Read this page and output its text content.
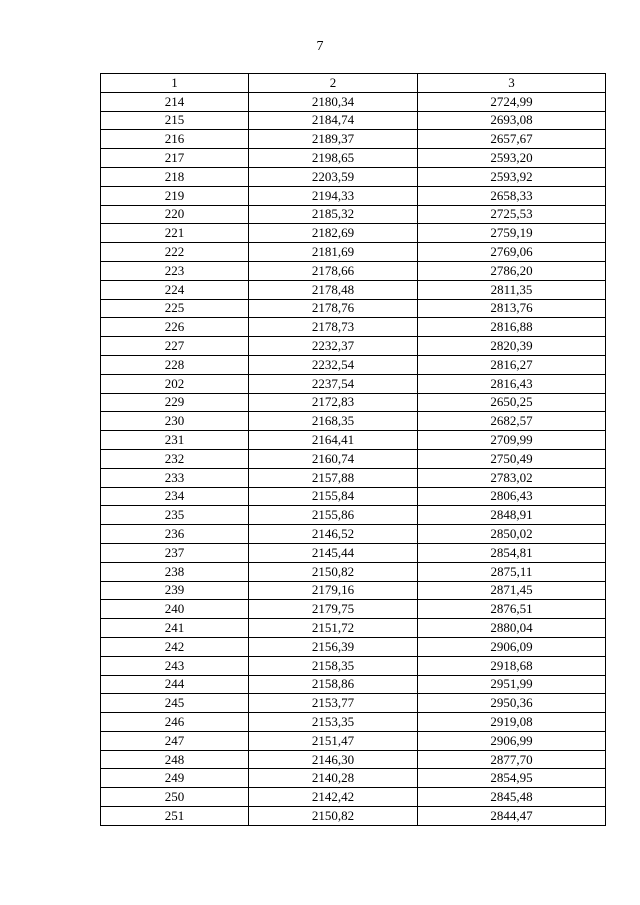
7
1	2	3
214	2180,34	2724,99
215	2184,74	2693,08
216	2189,37	2657,67
217	2198,65	2593,20
218	2203,59	2593,92
219	2194,33	2658,33
220	2185,32	2725,53
221	2182,69	2759,19
222	2181,69	2769,06
223	2178,66	2786,20
224	2178,48	2811,35
225	2178,76	2813,76
226	2178,73	2816,88
227	2232,37	2820,39
228	2232,54	2816,27
202	2237,54	2816,43
229	2172,83	2650,25
230	2168,35	2682,57
231	2164,41	2709,99
232	2160,74	2750,49
233	2157,88	2783,02
234	2155,84	2806,43
235	2155,86	2848,91
236	2146,52	2850,02
237	2145,44	2854,81
238	2150,82	2875,11
239	2179,16	2871,45
240	2179,75	2876,51
241	2151,72	2880,04
242	2156,39	2906,09
243	2158,35	2918,68
244	2158,86	2951,99
245	2153,77	2950,36
246	2153,35	2919,08
247	2151,47	2906,99
248	2146,30	2877,70
249	2140,28	2854,95
250	2142,42	2845,48
251	2150,82	2844,47
